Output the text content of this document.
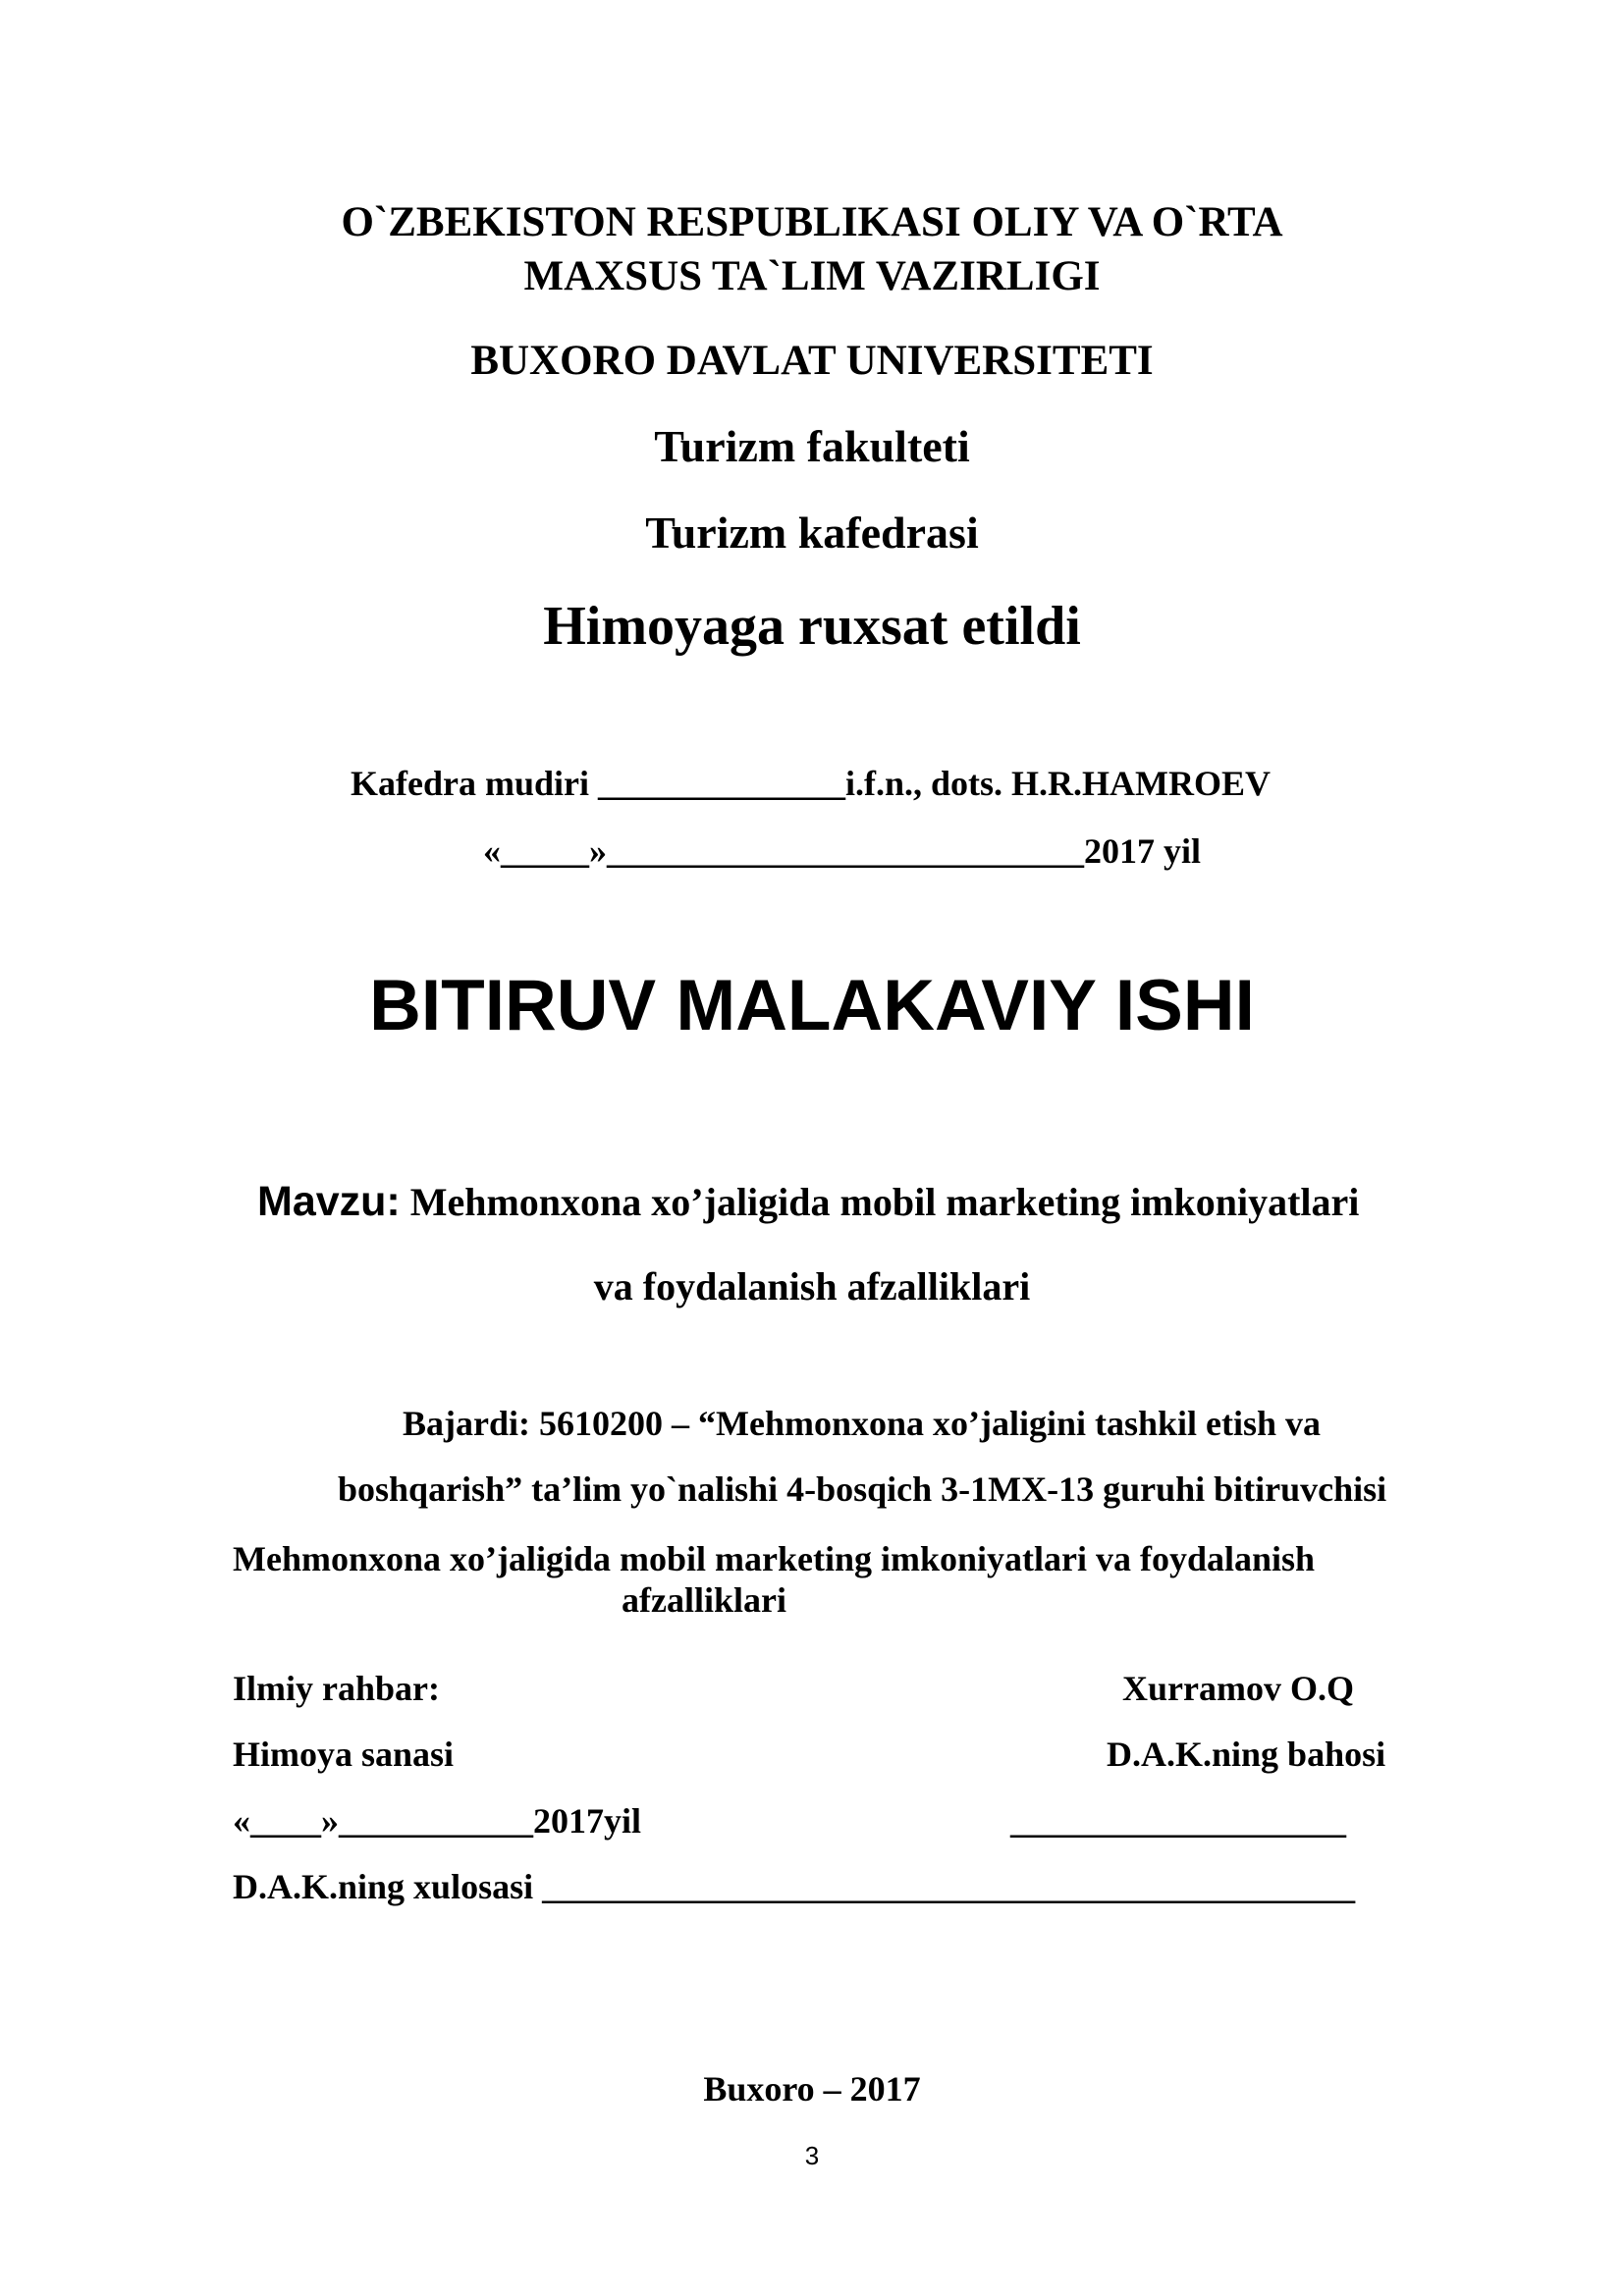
O`ZBEKISTON RESPUBLIKASI OLIY VA O`RTA
MAXSUS TA`LIM VAZIRLIGI
BUXORO DAVLAT UNIVERSITETI
Turizm fakulteti
Turizm kafedrasi
Himoyaga ruxsat etildi
Kafedra mudiri ______________i.f.n., dots. H.R.HAMROEV
«_____»___________________________2017 yil
BITIRUV MALAKAVIY ISHI
Mavzu: Mehmonxona xo’jaligida mobil marketing imkoniyatlari
va foydalanish afzalliklari
Bajardi: 5610200 – “Mehmonxona xo’jaligini tashkil etish va
boshqarish” ta’lim yo`nalishi 4-bosqich 3-1MX-13 guruhi bitiruvchisi
Mehmonxona xo’jaligida mobil marketing imkoniyatlari va foydalanish
afzalliklari
Ilmiy rahbar:	Xurramov O.Q
Himoya sanasi	D.A.K.ning bahosi
«____»___________2017yil	___________________
D.A.K.ning xulosasi ______________________________________________
Buxoro – 2017
3
